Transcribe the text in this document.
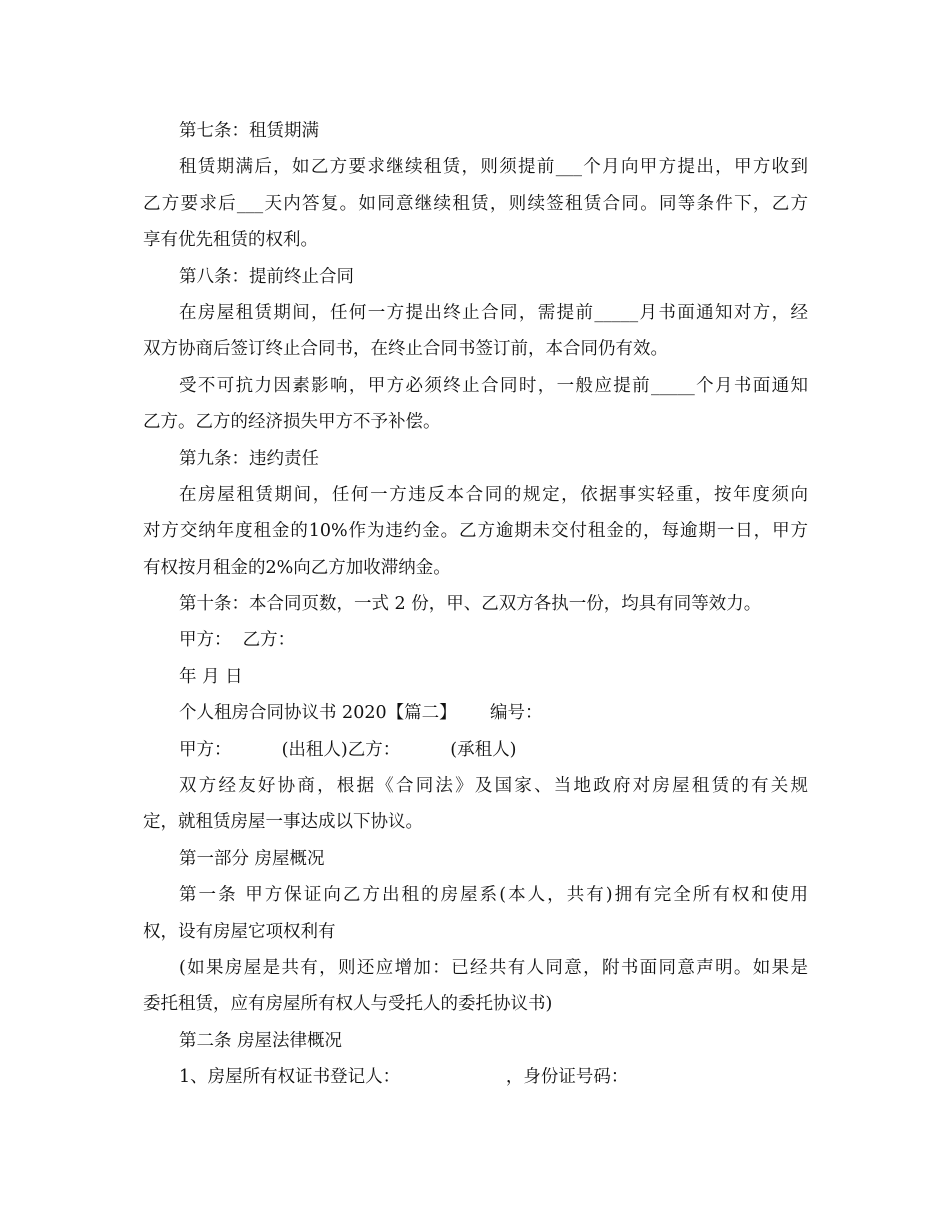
第七条：租赁期满
租赁期满后，如乙方要求继续租赁，则须提前___个月向甲方提出，甲方收到
乙方要求后___天内答复。如同意继续租赁，则续签租赁合同。同等条件下，乙方
享有优先租赁的权利。
第八条：提前终止合同
在房屋租赁期间，任何一方提出终止合同，需提前_____月书面通知对方，经
双方协商后签订终止合同书，在终止合同书签订前，本合同仍有效。
受不可抗力因素影响，甲方必须终止合同时，一般应提前_____个月书面通知
乙方。乙方的经济损失甲方不予补偿。
第九条：违约责任
在房屋租赁期间，任何一方违反本合同的规定，依据事实轻重，按年度须向
对方交纳年度租金的10%作为违约金。乙方逾期未交付租金的，每逾期一日，甲方
有权按月租金的2%向乙方加收滞纳金。
第十条：本合同页数，一式 2 份，甲、乙双方各执一份，均具有同等效力。
甲方：  乙方：
年 月 日
个人租房合同协议书 2020【篇二】      编号：
甲方：         (出租人)乙方：         (承租人)
双方经友好协商，根据《合同法》及国家、当地政府对房屋租赁的有关规
定，就租赁房屋一事达成以下协议。
第一部分 房屋概况
第一条 甲方保证向乙方出租的房屋系(本人，共有)拥有完全所有权和使用
权，设有房屋它项权利有
(如果房屋是共有，则还应增加：已经共有人同意，附书面同意声明。如果是
委托租赁，应有房屋所有权人与受托人的委托协议书)
第二条 房屋法律概况
1、房屋所有权证书登记人：                   ，身份证号码：
